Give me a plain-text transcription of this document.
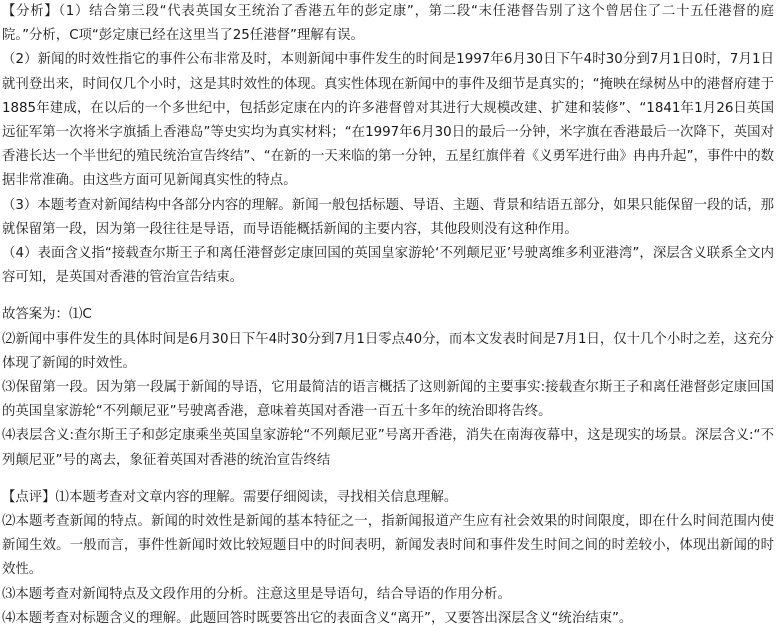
【分析】（1）结合第三段“代表英国女王统治了香港五年的彭定康”，第二段“末任港督告别了这个曾居住了二十五任港督的庭院。”分析，C项“彭定康已经在这里当了25任港督”理解有误。

（2）新闻的时效性指它的事件公布非常及时，本则新闻中事件发生的时间是1997年6月30日下午4时30分到7月1日0时，7月1日就刊登出来，时间仅几个小时，这是其时效性的体现。真实性体现在新闻中的事件及细节是真实的；“掩映在绿树丛中的港督府建于1885年建成，在以后的一个多世纪中，包括彭定康在内的许多港督曾对其进行大规模改建、扩建和装修”、“1841年1月26日英国远征军第一次将米字旗插上香港岛”等史实均为真实材料；“在1997年6月30日的最后一分钟，米字旗在香港最后一次降下，英国对香港长达一个半世纪的殖民统治宣告终结”、“在新的一天来临的第一分钟，五星红旗伴着《义勇军进行曲》冉冉升起”，事件中的数据非常准确。由这些方面可见新闻真实性的特点。

（3）本题考查对新闻结构中各部分内容的理解。新闻一般包括标题、导语、主题、背景和结语五部分，如果只能保留一段的话，那就保留第一段，因为第一段往往是导语，而导语能概括新闻的主要内容，其他段则没有这种作用。

（4）表面含义指“接载查尔斯王子和离任港督彭定康回国的英国皇家游轮‘不列颠尼亚’号驶离维多利亚港湾”，深层含义联系全文内容可知，是英国对香港的管治宣告结束。

故答案为：⑴C

⑵新闻中事件发生的具体时间是6月30日下午4时30分到7月1日零点40分，而本文发表时间是7月1日，仅十几个小时之差，这充分体现了新闻的时效性。

⑶保留第一段。因为第一段属于新闻的导语，它用最简洁的语言概括了这则新闻的主要事实:接载查尔斯王子和离任港督彭定康回国的英国皇家游轮“不列颠尼亚”号驶离香港，意味着英国对香港一百五十多年的统治即将告终。

⑷表层含义:查尔斯王子和彭定康乘坐英国皇家游轮“不列颠尼亚”号离开香港，消失在南海夜幕中，这是现实的场景。深层含义:“不列颠尼亚”号的离去，象征着英国对香港的统治宣告终结

【点评】⑴本题考查对文章内容的理解。需要仔细阅读，寻找相关信息理解。

⑵本题考查新闻的特点。新闻的时效性是新闻的基本特征之一，指新闻报道产生应有社会效果的时间限度，即在什么时间范围内使新闻生效。一般而言，事件性新闻时效比较短题目中的时间表明，新闻发表时间和事件发生时间之间的时差较小，体现出新闻的时效性。

⑶本题考查对新闻特点及文段作用的分析。注意这里是导语句，结合导语的作用分析。

⑷本题考查对标题含义的理解。此题回答时既要答出它的表面含义“离开”，又要答出深层含义“统治结束”。
